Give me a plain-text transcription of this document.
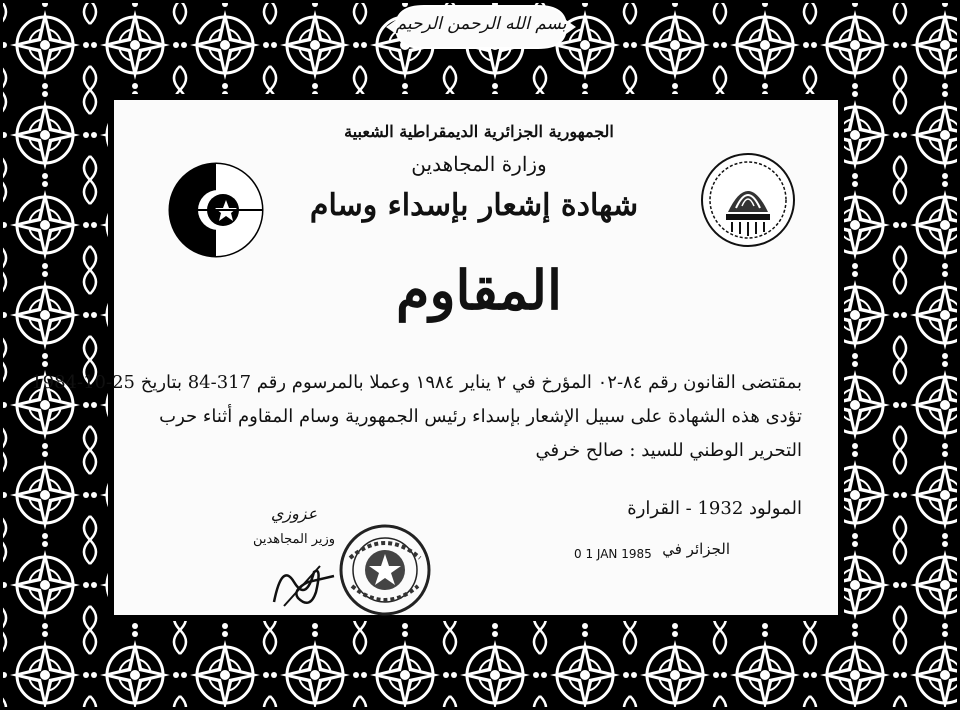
بسم الله الرحمن الرحيم
الجمهورية الجزائرية الديمقراطية الشعبية
وزارة المجاهدين
شهادة إشعار بإسداء وسام
المقاوم
بمقتضى القانون رقم ٨٤-٠٢ المؤرخ في ٢ يناير ١٩٨٤ وعملا بالمرسوم رقم 317-84 بتاريخ 25-10-1984
تؤدى هذه الشهادة على سبيل الإشعار بإسداء رئيس الجمهورية وسام المقاوم أثناء حرب
التحرير الوطني للسيد : صالح خرفي
المولود 1932 - القرارة
الجزائر في
0 1 JAN 1985
عزوزي
وزير المجاهدين
